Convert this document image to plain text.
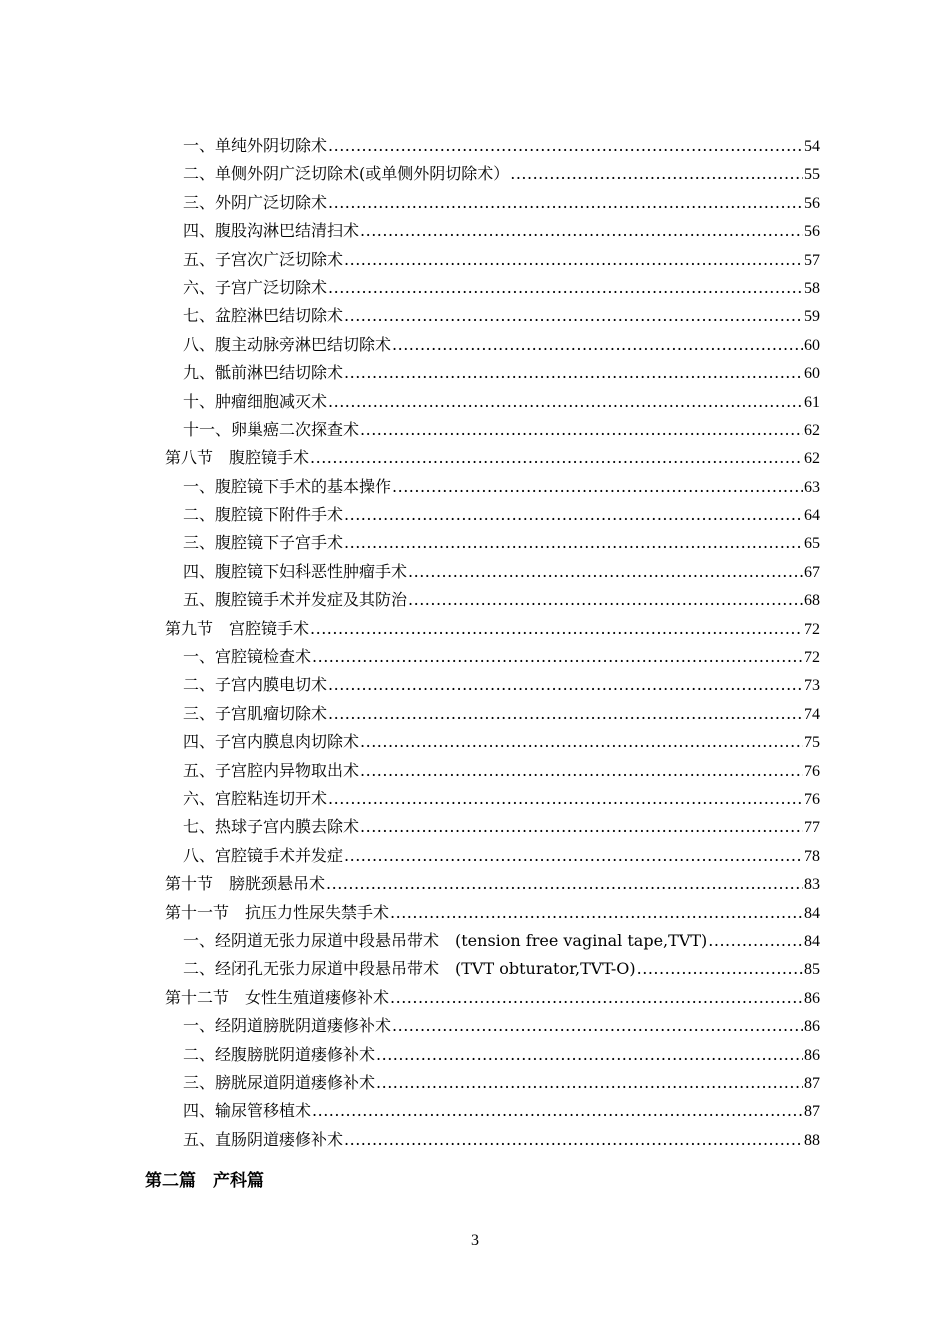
一、单纯外阴切除术 .....	54
二、单侧外阴广泛切除术(或单侧外阴切除术） .....	55
三、外阴广泛切除术 .....	56
四、腹股沟淋巴结清扫术 .....	56
五、子宫次广泛切除术 .....	57
六、子宫广泛切除术 .....	58
七、盆腔淋巴结切除术 .....	59
八、腹主动脉旁淋巴结切除术 .....	60
九、骶前淋巴结切除术 .....	60
十、肿瘤细胞减灭术 .....	61
十一、卵巢癌二次探查术 .....	62
第八节　腹腔镜手术 .....	62
一、腹腔镜下手术的基本操作 .....	63
二、腹腔镜下附件手术 .....	64
三、腹腔镜下子宫手术 .....	65
四、腹腔镜下妇科恶性肿瘤手术 .....	67
五、腹腔镜手术并发症及其防治 .....	68
第九节　宫腔镜手术 .....	72
一、宫腔镜检查术 .....	72
二、子宫内膜电切术 .....	73
三、子宫肌瘤切除术 .....	74
四、子宫内膜息肉切除术 .....	75
五、子宫腔内异物取出术 .....	76
六、宫腔粘连切开术 .....	76
七、热球子宫内膜去除术 .....	77
八、宫腔镜手术并发症 .....	78
第十节　膀胱颈悬吊术 .....	83
第十一节　抗压力性尿失禁手术 .....	84
一、经阴道无张力尿道中段悬吊带术　(tension free vaginal tape,TVT) .....	84
二、经闭孔无张力尿道中段悬吊带术　(TVT obturator,TVT-O) .....	85
第十二节　女性生殖道瘘修补术 .....	86
一、经阴道膀胱阴道瘘修补术 .....	86
二、经腹膀胱阴道瘘修补术 .....	86
三、膀胱尿道阴道瘘修补术 .....	87
四、输尿管移植术 .....	87
五、直肠阴道瘘修补术 .....	88
第二篇　产科篇
3
